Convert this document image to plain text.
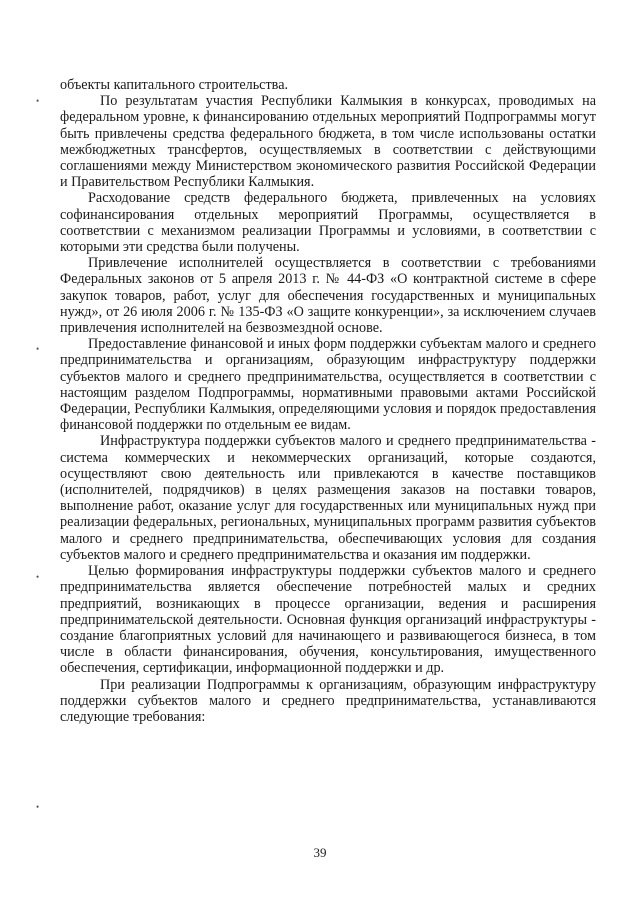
объекты капитального строительства.

По результатам участия Республики Калмыкия в конкурсах, проводимых на федеральном уровне, к финансированию отдельных мероприятий Подпрограммы могут быть привлечены средства федерального бюджета, в том числе использованы остатки межбюджетных трансфертов, осуществляемых в соответствии с действующими соглашениями между Министерством экономического развития Российской Федерации и Правительством Республики Калмыкия.

Расходование средств федерального бюджета, привлеченных на условиях софинансирования отдельных мероприятий Программы, осуществляется в соответствии с механизмом реализации Программы и условиями, в соответствии с которыми эти средства были получены.

Привлечение исполнителей осуществляется в соответствии с требованиями Федеральных законов от 5 апреля 2013 г. № 44-ФЗ «О контрактной системе в сфере закупок товаров, работ, услуг для обеспечения государственных и муниципальных нужд», от 26 июля 2006 г. № 135-ФЗ «О защите конкуренции», за исключением случаев привлечения исполнителей на безвозмездной основе.

Предоставление финансовой и иных форм поддержки субъектам малого и среднего предпринимательства и организациям, образующим инфраструктуру поддержки субъектов малого и среднего предпринимательства, осуществляется в соответствии с настоящим разделом Подпрограммы, нормативными правовыми актами Российской Федерации, Республики Калмыкия, определяющими условия и порядок предоставления финансовой поддержки по отдельным ее видам.

Инфраструктура поддержки субъектов малого и среднего предпринимательства - система коммерческих и некоммерческих организаций, которые создаются, осуществляют свою деятельность или привлекаются в качестве поставщиков (исполнителей, подрядчиков) в целях размещения заказов на поставки товаров, выполнение работ, оказание услуг для государственных или муниципальных нужд при реализации федеральных, региональных, муниципальных программ развития субъектов малого и среднего предпринимательства, обеспечивающих условия для создания субъектов малого и среднего предпринимательства и оказания им поддержки.

Целью формирования инфраструктуры поддержки субъектов малого и среднего предпринимательства является обеспечение потребностей малых и средних предприятий, возникающих в процессе организации, ведения и расширения предпринимательской деятельности. Основная функция организаций инфраструктуры - создание благоприятных условий для начинающего и развивающегося бизнеса, в том числе в области финансирования, обучения, консультирования, имущественного обеспечения, сертификации, информационной поддержки и др.

При реализации Подпрограммы к организациям, образующим инфраструктуру поддержки субъектов малого и среднего предпринимательства, устанавливаются следующие требования:

•
•
•
•
39
